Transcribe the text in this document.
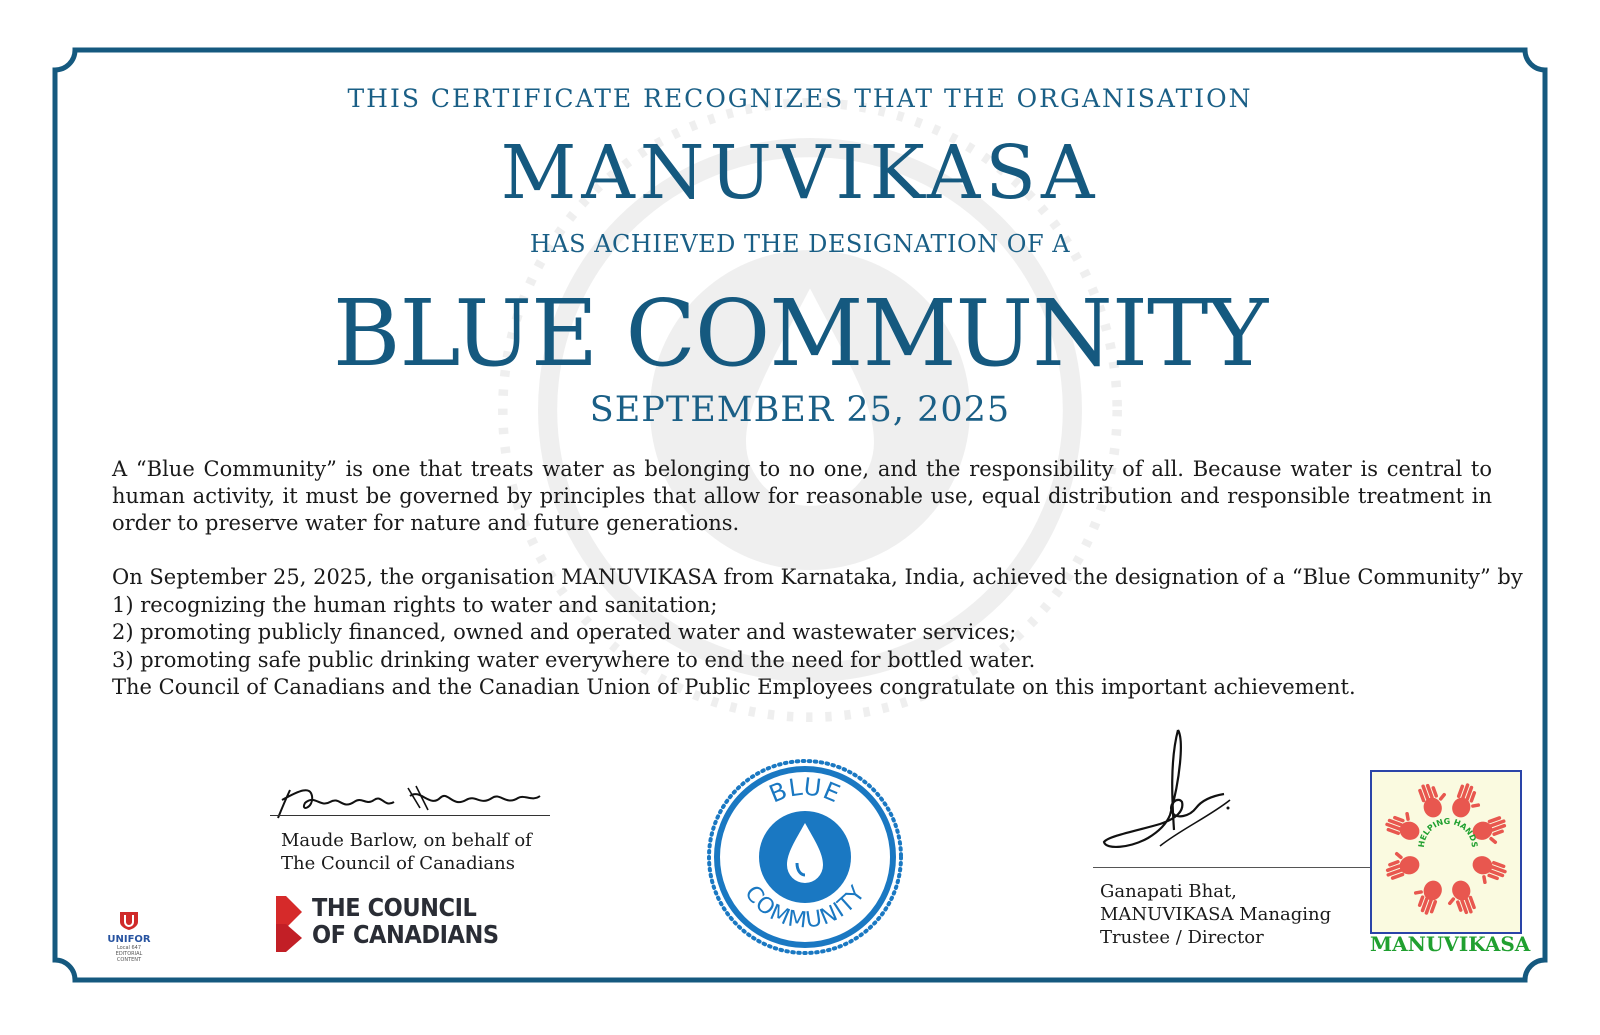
THIS CERTIFICATE RECOGNIZES THAT THE ORGANISATION
MANUVIKASA
HAS ACHIEVED THE DESIGNATION OF A
BLUE COMMUNITY
SEPTEMBER 25, 2025
A “Blue Community” is one that treats water as belonging to no one, and the responsibility of all. Because water is central to human activity, it must be governed by principles that allow for reasonable use, equal distribution and responsible treatment in order to preserve water for nature and future generations.
On September 25, 2025, the organisation MANUVIKASA from Karnataka, India, achieved the designation of a “Blue Community” by
1) recognizing the human rights to water and sanitation;
2) promoting publicly financed, owned and operated water and wastewater services;
3) promoting safe public drinking water everywhere to end the need for bottled water.
The Council of Canadians and the Canadian Union of Public Employees congratulate on this important achievement.
Maude Barlow, on behalf of
The Council of Canadians
THE COUNCIL
OF CANADIANS
UNIFOR
Local 647
EDITORIAL CONTENT
BLUE
COMMUNITY	Ganapati Bhat,
MANUVIKASA Managing
Trustee / Director
HELPING HANDS
MANUVIKASA
